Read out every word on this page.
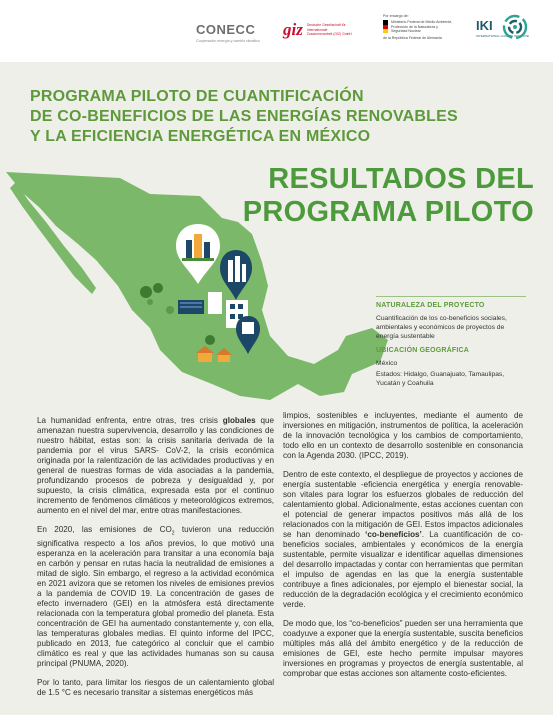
CONECC
Cooperación energía y cambio climático
giz Deutsche Gesellschaft für Internationale Zusammenarbeit (GIZ) GmbH
Por encargo de:
Ministerio Federal de Medio Ambiente, Protección de la Naturaleza y Seguridad Nuclear
de la República Federal de Alemania
IKI
INTERNATIONAL CLIMATE INITIATIVE
PROGRAMA PILOTO DE CUANTIFICACIÓN
DE CO-BENEFICIOS DE LAS ENERGÍAS RENOVABLES
Y LA EFICIENCIA ENERGÉTICA EN MÉXICO
RESULTADOS DEL
PROGRAMA PILOTO
NATURALEZA DEL PROYECTO
Cuantificación de los co-beneficios sociales, ambientales y económicos de proyectos de energía sustentable
UBICACIÓN GEOGRÁFICA
México
Estados: Hidalgo, Guanajuato, Tamaulipas, Yucatán y Coahuila

La humanidad enfrenta, entre otras, tres crisis globales que amenazan nuestra supervivencia, desarrollo y las condiciones de nuestro hábitat, estas son: la crisis sanitaria derivada de la pandemia por el virus SARS- CoV-2, la crisis económica originada por la ralentización de las actividades productivas y en general de nuestras formas de vida asociadas a la pandemia, profundizando procesos de pobreza y desigualdad y, por supuesto, la crisis climática, expresada esta por el continuo incremento de fenómenos climáticos y meteorológicos extremos, aumento en el nivel del mar, entre otras manifestaciones.

En 2020, las emisiones de $CO_2$ tuvieron una reducción significativa respecto a los años previos, lo que motivó una esperanza en la aceleración para transitar a una economía baja en carbón y pensar en rutas hacia la neutralidad de emisiones a mitad de siglo. Sin embargo, el regreso a la actividad económica en 2021 avizora que se retomen los niveles de emisiones previos a la pandemia de COVID 19. La concentración de gases de efecto invernadero (GEI) en la atmósfera está directamente relacionada con la temperatura global promedio del planeta. Esta concentración de GEI ha aumentado constantemente y, con ella, las temperaturas globales medias. El quinto informe del IPCC, publicado en 2013, fue categórico al concluir que el cambio climático es real y que las actividades humanas son su causa principal (PNUMA, 2020).

Por lo tanto, para limitar los riesgos de un calentamiento global de 1.5 °C es necesario transitar a sistemas energéticos más

limpios, sostenibles e incluyentes, mediante el aumento de inversiones en mitigación, instrumentos de política, la aceleración de la innovación tecnológica y los cambios de comportamiento, todo ello en un contexto de desarrollo sostenible en consonancia con la Agenda 2030. (IPCC, 2019).

Dentro de este contexto, el despliegue de proyectos y acciones de energía sustentable -eficiencia energética y energía renovable- son vitales para lograr los esfuerzos globales de reducción del calentamiento global. Adicionalmente, estas acciones cuentan con el potencial de generar impactos positivos más allá de los relacionados con la mitigación de GEI. Estos impactos adicionales se han denominado ‘co-beneficios’. La cuantificación de co-beneficios sociales, ambientales y económicos de la energía sustentable, permite visualizar e identificar aquellas dimensiones del desarrollo impactadas y contar con herramientas que permitan el impulso de agendas en las que la energía sustentable contribuye a fines adicionales, por ejemplo el bienestar social, la reducción de la degradación ecológica y el crecimiento económico verde.

De modo que, los “co-beneficios” pueden ser una herramienta que coadyuve a exponer que la energía sustentable, suscita beneficios múltiples más allá del ámbito energético y de la reducción de emisiones de GEI, este hecho permite impulsar mayores inversiones en programas y proyectos de energía sustentable, al comprobar que estas acciones son altamente costo-eficientes.
